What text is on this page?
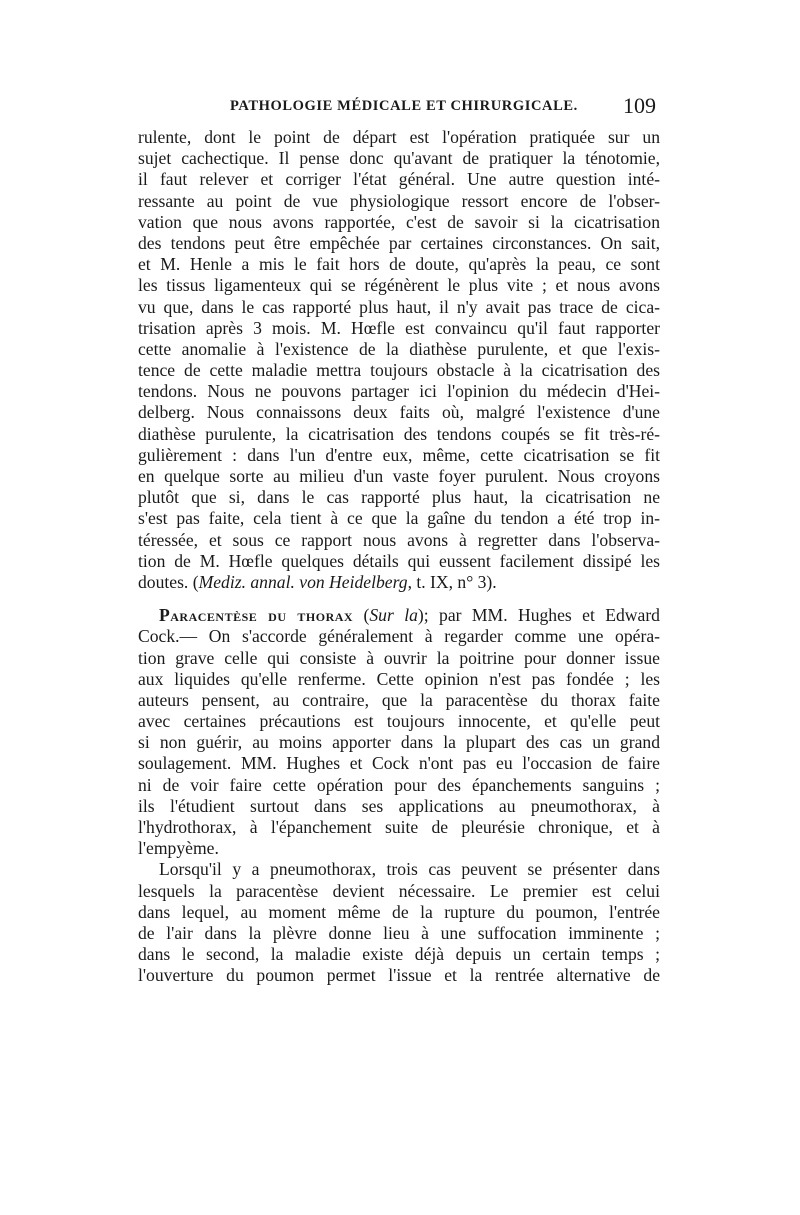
PATHOLOGIE MÉDICALE ET CHIRURGICALE. 109
rulente, dont le point de départ est l'opération pratiquée sur un
sujet cachectique. Il pense donc qu'avant de pratiquer la ténotomie,
il faut relever et corriger l'état général. Une autre question inté-
ressante au point de vue physiologique ressort encore de l'obser-
vation que nous avons rapportée, c'est de savoir si la cicatrisation
des tendons peut être empêchée par certaines circonstances. On sait,
et M. Henle a mis le fait hors de doute, qu'après la peau, ce sont
les tissus ligamenteux qui se régénèrent le plus vite ; et nous avons
vu que, dans le cas rapporté plus haut, il n'y avait pas trace de cica-
trisation après 3 mois. M. Hœfle est convaincu qu'il faut rapporter
cette anomalie à l'existence de la diathèse purulente, et que l'exis-
tence de cette maladie mettra toujours obstacle à la cicatrisation des
tendons. Nous ne pouvons partager ici l'opinion du médecin d'Hei-
delberg. Nous connaissons deux faits où, malgré l'existence d'une
diathèse purulente, la cicatrisation des tendons coupés se fit très-ré-
gulièrement : dans l'un d'entre eux, même, cette cicatrisation se fit
en quelque sorte au milieu d'un vaste foyer purulent. Nous croyons
plutôt que si, dans le cas rapporté plus haut, la cicatrisation ne
s'est pas faite, cela tient à ce que la gaîne du tendon a été trop in-
téressée, et sous ce rapport nous avons à regretter dans l'observa-
tion de M. Hœfle quelques détails qui eussent facilement dissipé les
doutes. (Mediz. annal. von Heidelberg, t. IX, n° 3).
Paracentèse du thorax (Sur la); par MM. Hughes et Edward
Cock.— On s'accorde généralement à regarder comme une opéra-
tion grave celle qui consiste à ouvrir la poitrine pour donner issue
aux liquides qu'elle renferme. Cette opinion n'est pas fondée ; les
auteurs pensent, au contraire, que la paracentèse du thorax faite
avec certaines précautions est toujours innocente, et qu'elle peut
si non guérir, au moins apporter dans la plupart des cas un grand
soulagement. MM. Hughes et Cock n'ont pas eu l'occasion de faire
ni de voir faire cette opération pour des épanchements sanguins ;
ils l'étudient surtout dans ses applications au pneumothorax, à
l'hydrothorax, à l'épanchement suite de pleurésie chronique, et à
l'empyème.
Lorsqu'il y a pneumothorax, trois cas peuvent se présenter dans
lesquels la paracentèse devient nécessaire. Le premier est celui
dans lequel, au moment même de la rupture du poumon, l'entrée
de l'air dans la plèvre donne lieu à une suffocation imminente ;
dans le second, la maladie existe déjà depuis un certain temps ;
l'ouverture du poumon permet l'issue et la rentrée alternative de
